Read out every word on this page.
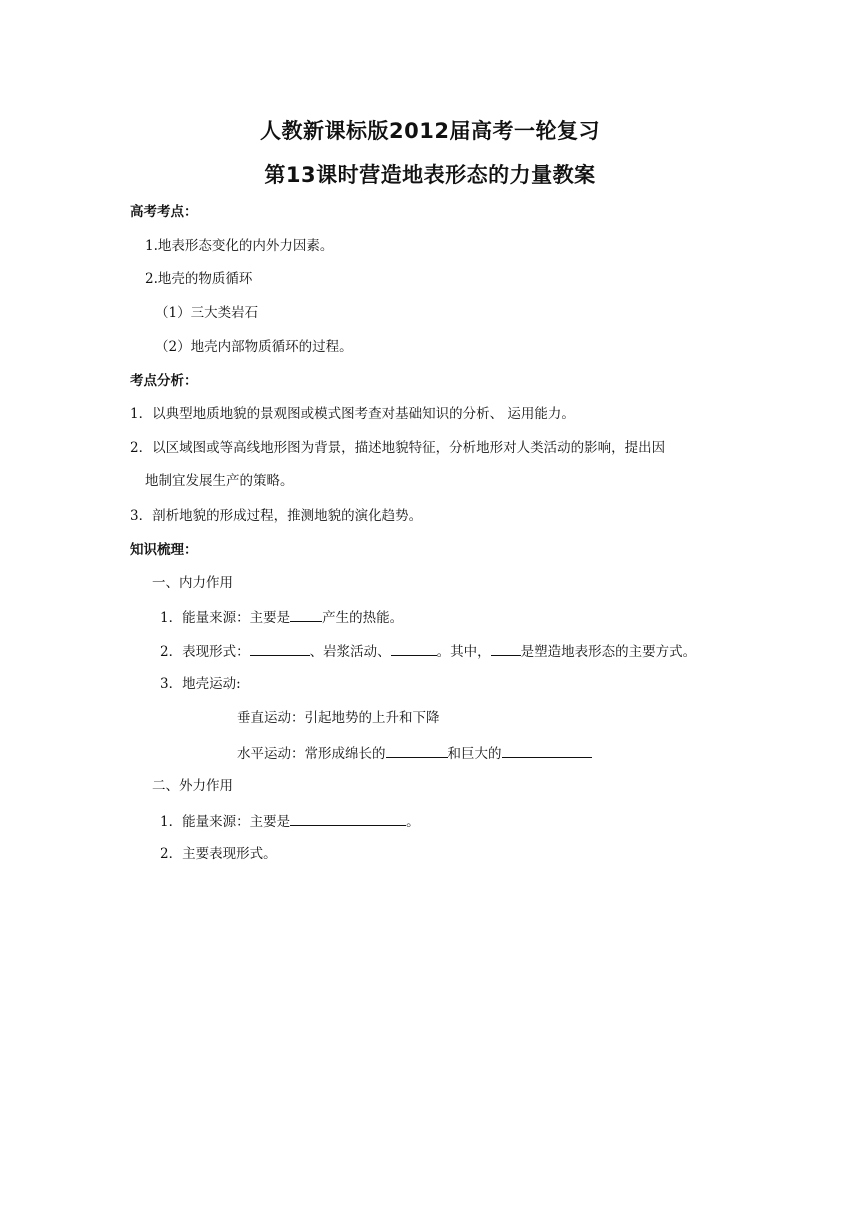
人教新课标版2012届高考一轮复习
第13课时营造地表形态的力量教案
高考考点：
1.地表形态变化的内外力因素。
2.地壳的物质循环
（1）三大类岩石
（2）地壳内部物质循环的过程。
考点分析：
1．以典型地质地貌的景观图或模式图考查对基础知识的分析、 运用能力。
2．以区域图或等高线地形图为背景，描述地貌特征，分析地形对人类活动的影响，提出因
地制宜发展生产的策略。
3．剖析地貌的形成过程，推测地貌的演化趋势。
知识梳理：
一、内力作用
1．能量来源：主要是 产生的热能。
2．表现形式：	、岩浆活动、	。其中， 是塑造地表形态的主要方式。
3．地壳运动:
垂直运动：引起地势的上升和下降
水平运动：常形成绵长的	和巨大的
二、外力作用
1．能量来源：主要是	。
2．主要表现形式。
